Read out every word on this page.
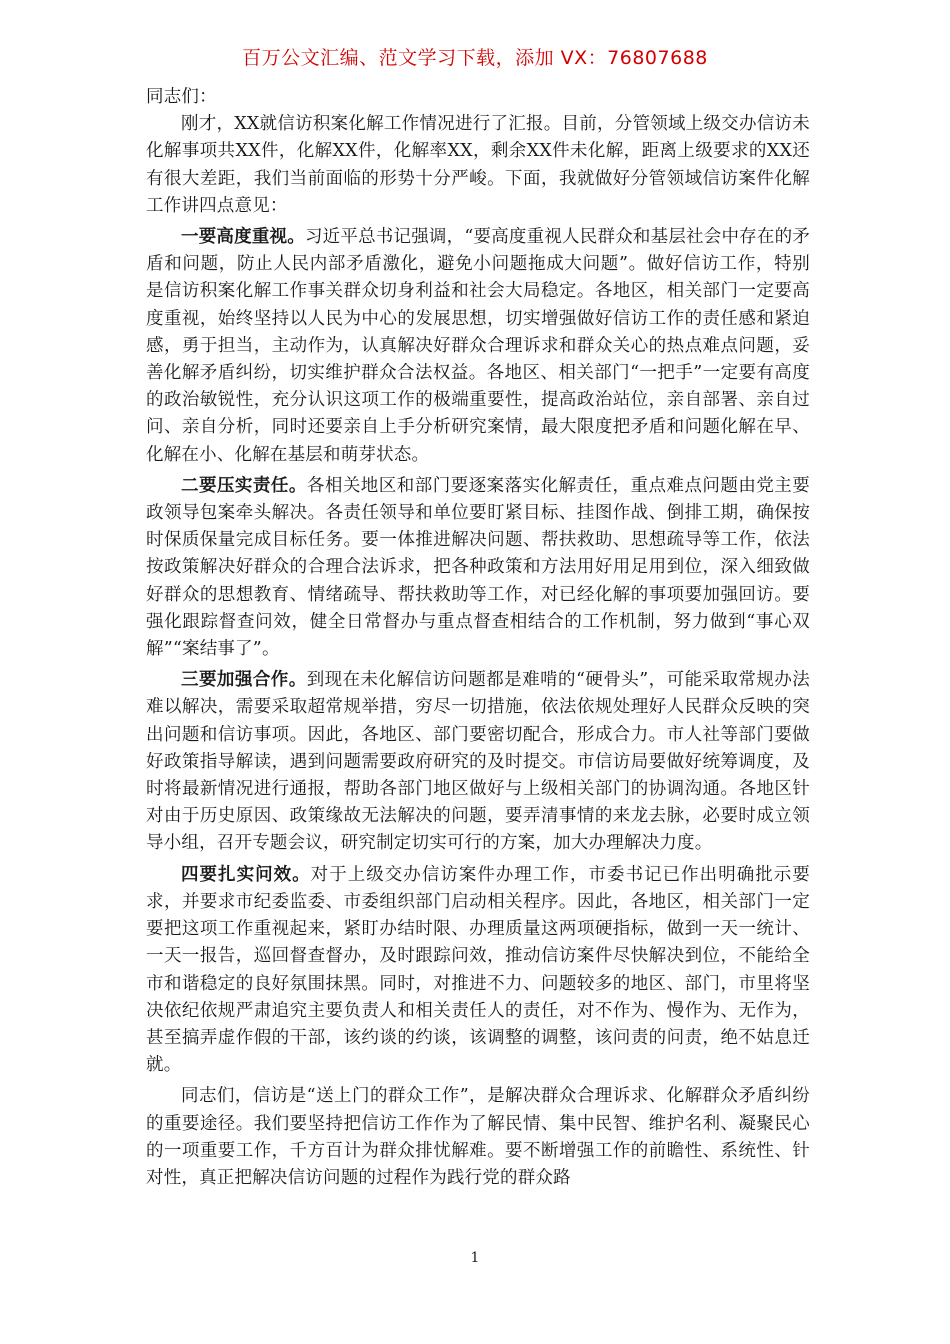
百万公文汇编、范文学习下载，添加 VX：76807688

同志们：

刚才，XX就信访积案化解工作情况进行了汇报。目前，分管领域上级交办信访未化解事项共XX件，化解XX件，化解率XX，剩余XX件未化解，距离上级要求的XX还有很大差距，我们当前面临的形势十分严峻。下面，我就做好分管领域信访案件化解工作讲四点意见：

一要高度重视。习近平总书记强调，“要高度重视人民群众和基层社会中存在的矛盾和问题，防止人民内部矛盾激化，避免小问题拖成大问题”。做好信访工作，特别是信访积案化解工作事关群众切身利益和社会大局稳定。各地区，相关部门一定要高度重视，始终坚持以人民为中心的发展思想，切实增强做好信访工作的责任感和紧迫感，勇于担当，主动作为，认真解决好群众合理诉求和群众关心的热点难点问题，妥善化解矛盾纠纷，切实维护群众合法权益。各地区、相关部门“一把手”一定要有高度的政治敏锐性，充分认识这项工作的极端重要性，提高政治站位，亲自部署、亲自过问、亲自分析，同时还要亲自上手分析研究案情，最大限度把矛盾和问题化解在早、化解在小、化解在基层和萌芽状态。

二要压实责任。各相关地区和部门要逐案落实化解责任，重点难点问题由党主要政领导包案牵头解决。各责任领导和单位要盯紧目标、挂图作战、倒排工期，确保按时保质保量完成目标任务。要一体推进解决问题、帮扶救助、思想疏导等工作，依法按政策解决好群众的合理合法诉求，把各种政策和方法用好用足用到位，深入细致做好群众的思想教育、情绪疏导、帮扶救助等工作，对已经化解的事项要加强回访。要强化跟踪督查问效，健全日常督办与重点督查相结合的工作机制，努力做到“事心双解”“案结事了”。

三要加强合作。到现在未化解信访问题都是难啃的“硬骨头”，可能采取常规办法难以解决，需要采取超常规举措，穷尽一切措施，依法依规处理好人民群众反映的突出问题和信访事项。因此，各地区、部门要密切配合，形成合力。市人社等部门要做好政策指导解读，遇到问题需要政府研究的及时提交。市信访局要做好统筹调度，及时将最新情况进行通报，帮助各部门地区做好与上级相关部门的协调沟通。各地区针对由于历史原因、政策缘故无法解决的问题，要弄清事情的来龙去脉，必要时成立领导小组，召开专题会议，研究制定切实可行的方案，加大办理解决力度。

四要扎实问效。对于上级交办信访案件办理工作，市委书记已作出明确批示要求，并要求市纪委监委、市委组织部门启动相关程序。因此，各地区，相关部门一定要把这项工作重视起来，紧盯办结时限、办理质量这两项硬指标，做到一天一统计、一天一报告，巡回督查督办，及时跟踪问效，推动信访案件尽快解决到位，不能给全市和谐稳定的良好氛围抹黑。同时，对推进不力、问题较多的地区、部门，市里将坚决依纪依规严肃追究主要负责人和相关责任人的责任，对不作为、慢作为、无作为，甚至搞弄虚作假的干部，该约谈的约谈，该调整的调整，该问责的问责，绝不姑息迁就。

同志们，信访是“送上门的群众工作”，是解决群众合理诉求、化解群众矛盾纠纷的重要途径。我们要坚持把信访工作作为了解民情、集中民智、维护名利、凝聚民心的一项重要工作，千方百计为群众排忧解难。要不断增强工作的前瞻性、系统性、针对性，真正把解决信访问题的过程作为践行党的群众路

1
